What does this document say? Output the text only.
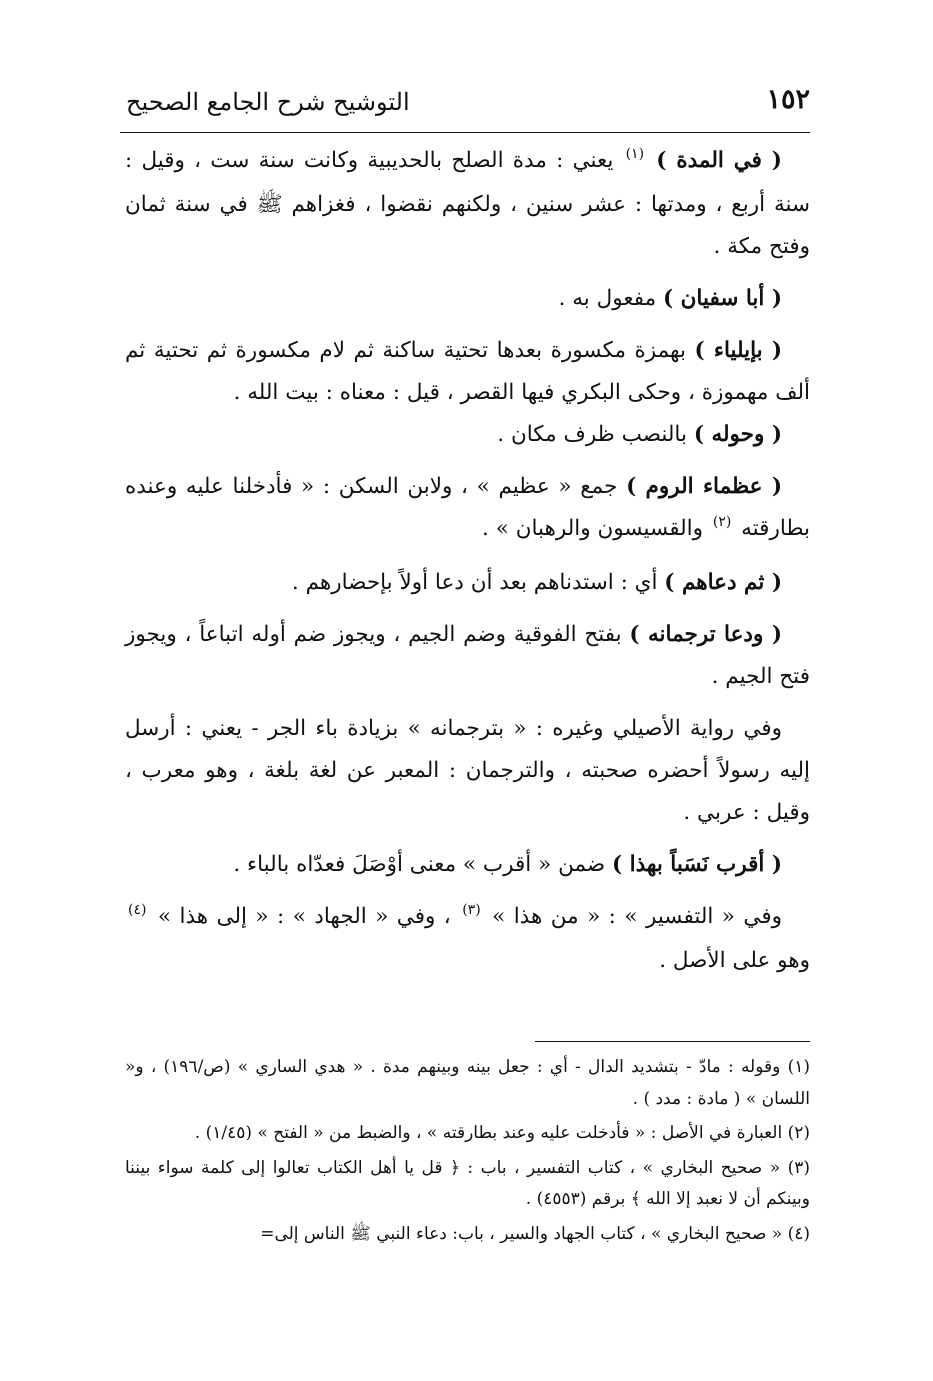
١٥٢
التوشيح شرح الجامع الصحيح

( في المدة ) $^{(١)}$ يعني : مدة الصلح بالحديبية وكانت سنة ست ، وقيل : سنة أربع ، ومدتها : عشر سنين ، ولكنهم نقضوا ، فغزاهم ﷺ في سنة ثمان وفتح مكة .

( أبا سفيان ) مفعول به .

( بإيلياء ) بهمزة مكسورة بعدها تحتية ساكنة ثم لام مكسورة ثم تحتية ثم ألف مهموزة ، وحكى البكري فيها القصر ، قيل : معناه : بيت الله .

( وحوله ) بالنصب ظرف مكان .

( عظماء الروم ) جمع « عظيم » ، ولابن السكن : « فأدخلنا عليه وعنده بطارقته $^{(٢)}$ والقسيسون والرهبان » .

( ثم دعاهم ) أي : استدناهم بعد أن دعا أولاً بإحضارهم .

( ودعا ترجمانه ) بفتح الفوقية وضم الجيم ، ويجوز ضم أوله اتباعاً ، ويجوز فتح الجيم .

وفي رواية الأصيلي وغيره : « بترجمانه » بزيادة باء الجر - يعني : أرسل إليه رسولاً أحضره صحبته ، والترجمان : المعبر عن لغة بلغة ، وهو معرب ، وقيل : عربي .

( أقرب نَسَباً بهذا ) ضمن « أقرب » معنى أوْصَلَ فعدّاه بالباء .

وفي « التفسير » : « من هذا » $^{(٣)}$ ، وفي « الجهاد » : « إلى هذا » $^{(٤)}$ وهو على الأصل .

(١) وقوله : مادّ - بتشديد الدال - أي : جعل بينه وبينهم مدة . « هدي الساري » (ص/١٩٦) ، و« اللسان » ( مادة : مدد ) .

(٢) العبارة في الأصل : « فأدخلت عليه وعند بطارقته » ، والضبط من « الفتح » (١/٤٥) .

(٣) « صحيح البخاري » ، كتاب التفسير ، باب : ﴿ قل يا أهل الكتاب تعالوا إلى كلمة سواء بيننا وبينكم أن لا نعبد إلا الله ﴾ برقم (٤٥٥٣) .

(٤) « صحيح البخاري » ، كتاب الجهاد والسير ، باب: دعاء النبي ﷺ الناس إلى=
